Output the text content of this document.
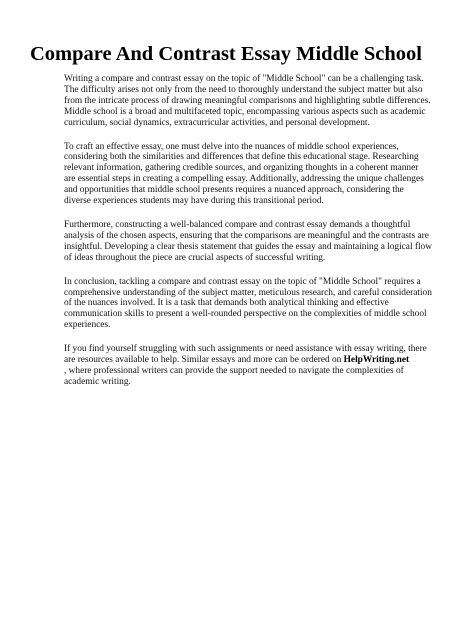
Compare And Contrast Essay Middle School

Writing a compare and contrast essay on the topic of "Middle School" can be a challenging task. The difficulty arises not only from the need to thoroughly understand the subject matter but also from the intricate process of drawing meaningful comparisons and highlighting subtle differences. Middle school is a broad and multifaceted topic, encompassing various aspects such as academic curriculum, social dynamics, extracurricular activities, and personal development.

To craft an effective essay, one must delve into the nuances of middle school experiences, considering both the similarities and differences that define this educational stage. Researching relevant information, gathering credible sources, and organizing thoughts in a coherent manner are essential steps in creating a compelling essay. Additionally, addressing the unique challenges and opportunities that middle school presents requires a nuanced approach, considering the diverse experiences students may have during this transitional period.

Furthermore, constructing a well-balanced compare and contrast essay demands a thoughtful analysis of the chosen aspects, ensuring that the comparisons are meaningful and the contrasts are insightful. Developing a clear thesis statement that guides the essay and maintaining a logical flow of ideas throughout the piece are crucial aspects of successful writing.

In conclusion, tackling a compare and contrast essay on the topic of "Middle School" requires a comprehensive understanding of the subject matter, meticulous research, and careful consideration of the nuances involved. It is a task that demands both analytical thinking and effective communication skills to present a well-rounded perspective on the complexities of middle school experiences.

If you find yourself struggling with such assignments or need assistance with essay writing, there are resources available to help. Similar essays and more can be ordered on HelpWriting.net
, where professional writers can provide the support needed to navigate the complexities of academic writing.
